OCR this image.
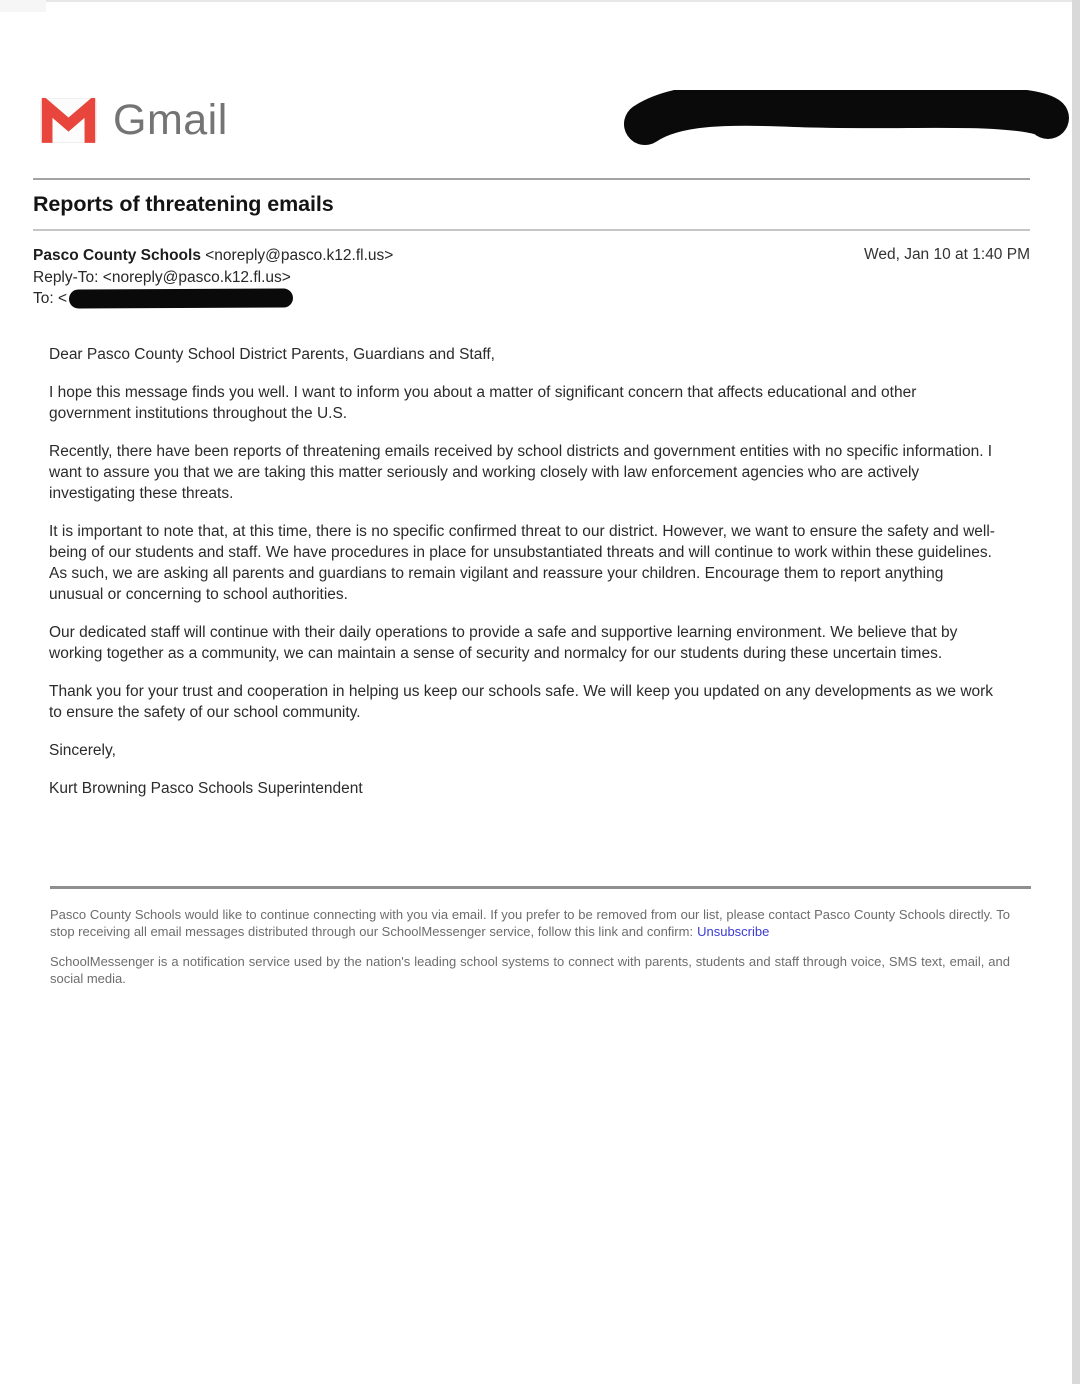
Gmail
Reports of threatening emails
Pasco County Schools <noreply@pasco.k12.fl.us>
Reply-To: <noreply@pasco.k12.fl.us>
To: <
Wed, Jan 10 at 1:40 PM

Dear Pasco County School District Parents, Guardians and Staff,

I hope this message finds you well. I want to inform you about a matter of significant concern that affects educational and other government institutions throughout the U.S.

Recently, there have been reports of threatening emails received by school districts and government entities with no specific information. I want to assure you that we are taking this matter seriously and working closely with law enforcement agencies who are actively investigating these threats.

It is important to note that, at this time, there is no specific confirmed threat to our district. However, we want to ensure the safety and well-being of our students and staff. We have procedures in place for unsubstantiated threats and will continue to work within these guidelines. As such, we are asking all parents and guardians to remain vigilant and reassure your children. Encourage them to report anything unusual or concerning to school authorities.

Our dedicated staff will continue with their daily operations to provide a safe and supportive learning environment. We believe that by working together as a community, we can maintain a sense of security and normalcy for our students during these uncertain times.

Thank you for your trust and cooperation in helping us keep our schools safe. We will keep you updated on any developments as we work to ensure the safety of our school community.

Sincerely,

Kurt Browning Pasco Schools Superintendent

Pasco County Schools would like to continue connecting with you via email. If you prefer to be removed from our list, please contact Pasco County Schools directly. To stop receiving all email messages distributed through our SchoolMessenger service, follow this link and confirm: Unsubscribe

SchoolMessenger is a notification service used by the nation's leading school systems to connect with parents, students and staff through voice, SMS text, email, and social media.
